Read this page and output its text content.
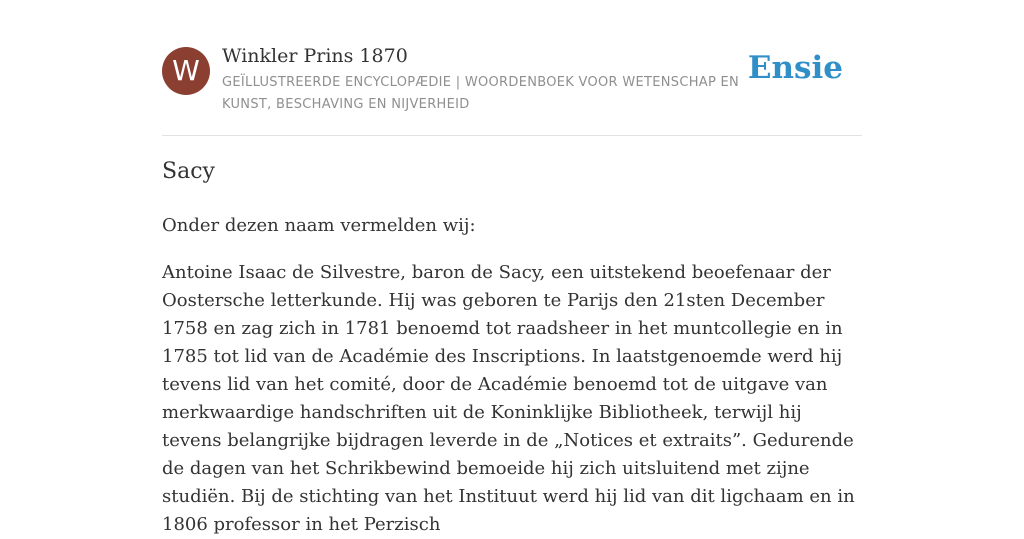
W	Winkler Prins 1870
GEÏLLUSTREERDE ENCYCLOPÆDIE | WOORDENBOEK VOOR WETENSCHAP EN KUNST, BESCHAVING EN NIJVERHEID
Ensie
Sacy

Onder dezen naam vermelden wij:

Antoine Isaac de Silvestre, baron de Sacy, een uitstekend beoefenaar der Oostersche letterkunde. Hij was geboren te Parijs den 21sten December 1758 en zag zich in 1781 benoemd tot raadsheer in het muntcollegie en in 1785 tot lid van de Académie des Inscriptions. In laatstgenoemde werd hij tevens lid van het comité, door de Académie benoemd tot de uitgave van merkwaardige handschriften uit de Koninklijke Bibliotheek, terwijl hij tevens belangrijke bijdragen leverde in de „Notices et extraits”. Gedurende de dagen van het Schrikbewind bemoeide hij zich uitsluitend met zijne studiën. Bij de stichting van het Instituut werd hij lid van dit ligchaam en in 1806 professor in het Perzisch
